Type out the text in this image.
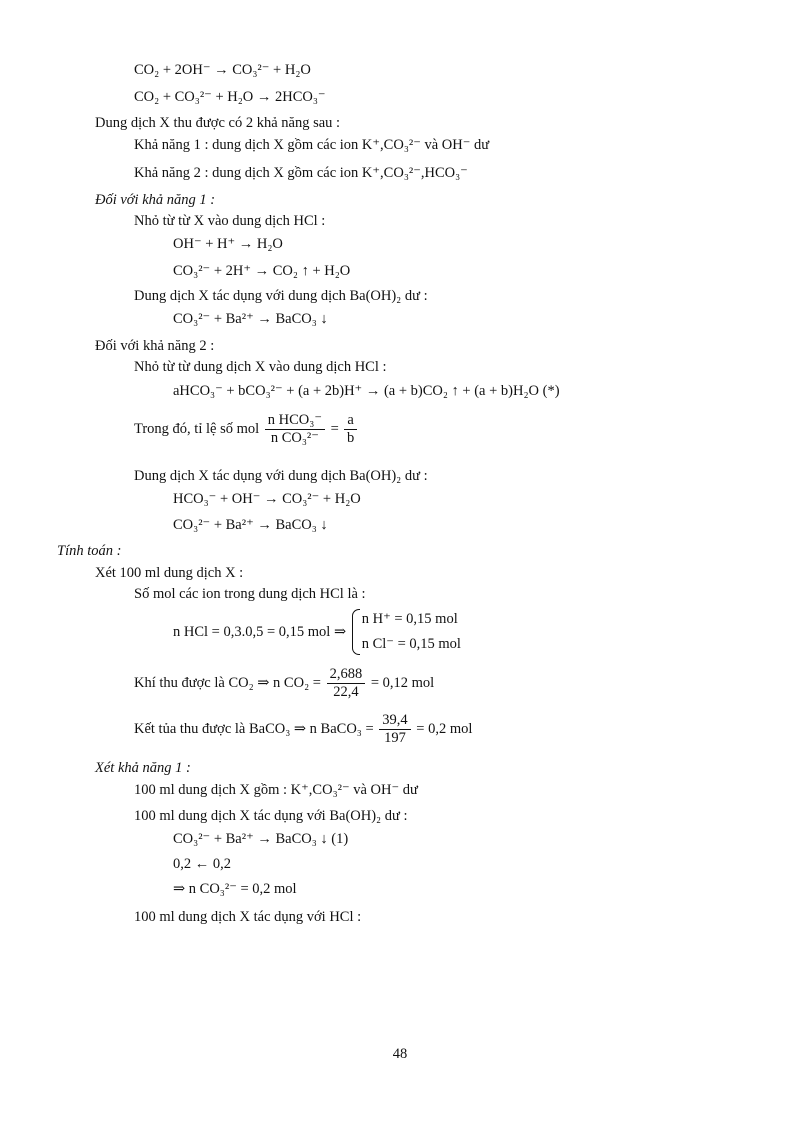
CO₂ + 2OH⁻ → CO₃²⁻ + H₂O
CO₂ + CO₃²⁻ + H₂O → 2HCO₃⁻
Dung dịch X thu được có 2 khả năng sau :
Khả năng 1 : dung dịch X gồm các ion K⁺,CO₃²⁻ và OH⁻ dư
Khả năng 2 : dung dịch X gồm các ion K⁺,CO₃²⁻,HCO₃⁻
Đối với khả năng 1 :
Nhỏ từ từ X vào dung dịch HCl :
OH⁻ + H⁺ → H₂O
CO₃²⁻ + 2H⁺ → CO₂ ↑ + H₂O
Dung dịch X tác dụng với dung dịch Ba(OH)₂ dư :
CO₃²⁻ + Ba²⁺ → BaCO₃ ↓
Đối với khả năng 2 :
Nhỏ từ từ dung dịch X vào dung dịch HCl :
aHCO₃⁻ + bCO₃²⁻ + (a + 2b)H⁺ → (a + b)CO₂ ↑ + (a + b)H₂O (*)
Trong đó, tỉ lệ số mol $\frac{\text{n HCO₃⁻}}{\text{n CO₃²⁻}} = \frac{a}{b}$
Dung dịch X tác dụng với dung dịch Ba(OH)₂ dư :
HCO₃⁻ + OH⁻ → CO₃²⁻ + H₂O
CO₃²⁻ + Ba²⁺ → BaCO₃ ↓
Tính toán :
Xét 100 ml dung dịch X :
Số mol các ion trong dung dịch HCl là :
n HCl = 0,3.0,5 = 0,15 mol ⇒
n H⁺ = 0,15 mol
n Cl⁻ = 0,15 mol
Khí thu được là CO₂ ⇒ n $CO_2 = \frac{2,688}{22,4} = 0,12$ mol
Kết tủa thu được là BaCO₃ ⇒ n BaCO₃ = $\frac{39,4}{197} = 0,2$ mol
Xét khả năng 1 :
100 ml dung dịch X gồm : K⁺,CO₃²⁻ và OH⁻ dư
100 ml dung dịch X tác dụng với Ba(OH)₂ dư :
CO₃²⁻ + Ba²⁺ → BaCO₃ ↓ (1)
0,2 ← 0,2
⇒ n CO₃²⁻ = 0,2 mol
100 ml dung dịch X tác dụng với HCl :
48
